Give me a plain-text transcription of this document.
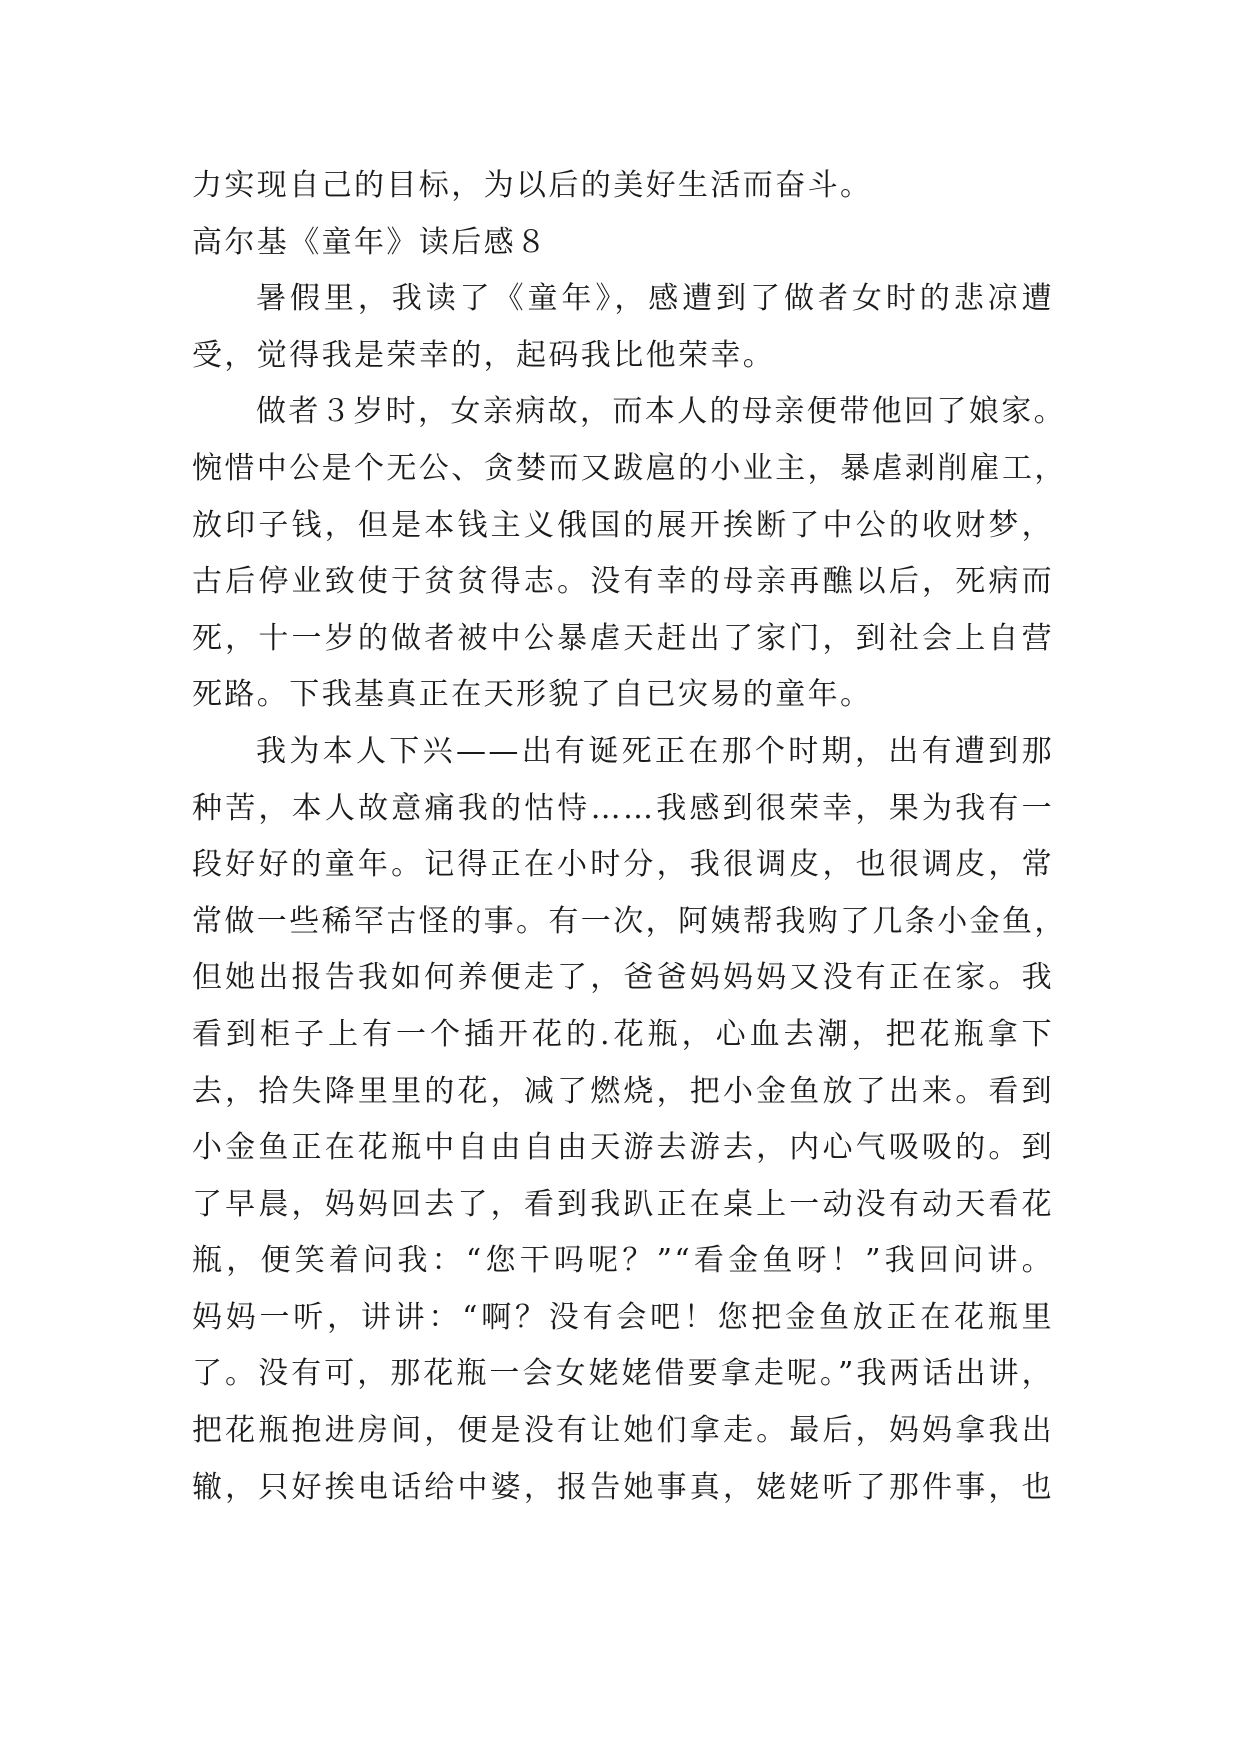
力实现自己的目标，为以后的美好生活而奋斗。
高尔基《童年》读后感８
暑假里，我读了《童年》，感遭到了做者女时的悲凉遭
受，觉得我是荣幸的，起码我比他荣幸。
做者３岁时，女亲病故，而本人的母亲便带他回了娘家。
惋惜中公是个无公、贪婪而又跋扈的小业主，暴虐剥削雇工，
放印子钱，但是本钱主义俄国的展开挨断了中公的收财梦，
古后停业致使于贫贫得志。没有幸的母亲再醮以后，死病而
死，十一岁的做者被中公暴虐天赶出了家门，到社会上自营
死路。下我基真正在天形貌了自已灾易的童年。
我为本人下兴——出有诞死正在那个时期，出有遭到那
种苦，本人故意痛我的怙恃……我感到很荣幸，果为我有一
段好好的童年。记得正在小时分，我很调皮，也很调皮，常
常做一些稀罕古怪的事。有一次，阿姨帮我购了几条小金鱼，
但她出报告我如何养便走了，爸爸妈妈妈又没有正在家。我
看到柜子上有一个插开花的.花瓶，心血去潮，把花瓶拿下
去，拾失降里里的花，减了燃烧，把小金鱼放了出来。看到
小金鱼正在花瓶中自由自由天游去游去，内心气吸吸的。到
了早晨，妈妈回去了，看到我趴正在桌上一动没有动天看花
瓶，便笑着问我：“您干吗呢？”“看金鱼呀！”我回问讲。
妈妈一听，讲讲：“啊？没有会吧！您把金鱼放正在花瓶里
了。没有可，那花瓶一会女姥姥借要拿走呢。”我两话出讲，
把花瓶抱进房间，便是没有让她们拿走。最后，妈妈拿我出
辙，只好挨电话给中婆，报告她事真，姥姥听了那件事，也
